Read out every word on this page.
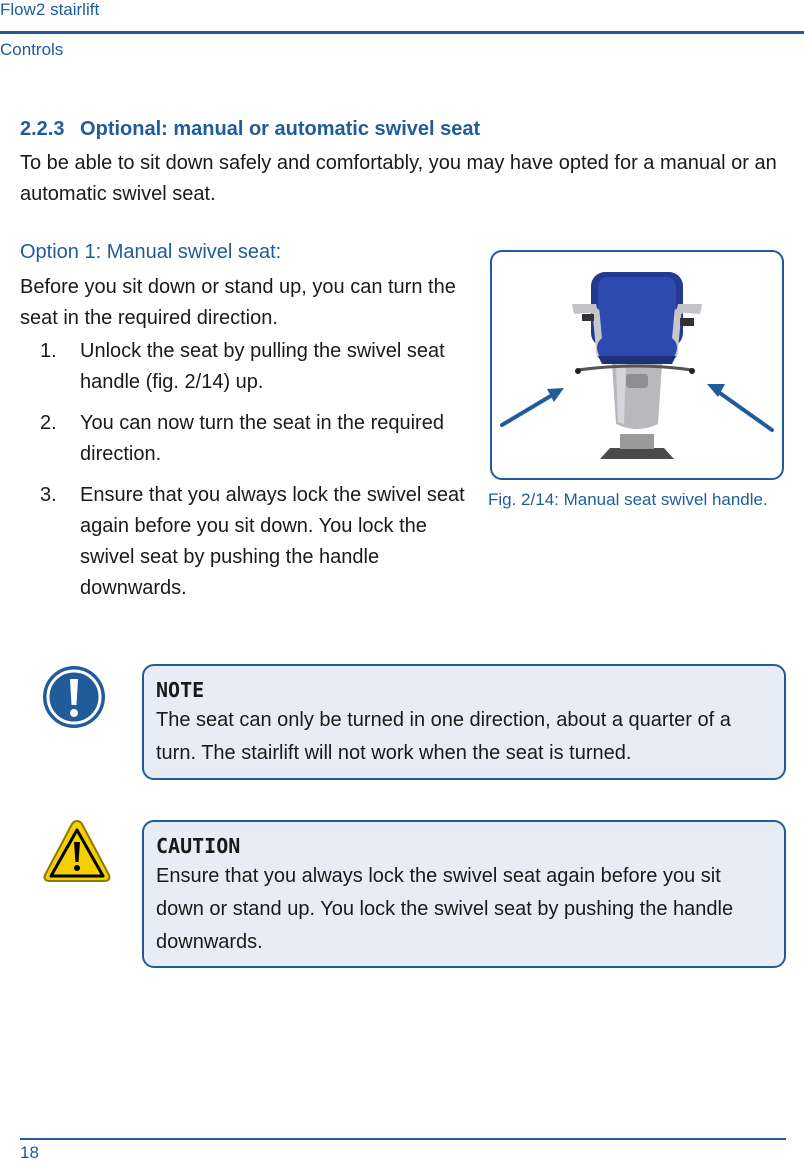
Flow2 stairlift
Controls
2.2.3 Optional: manual or automatic swivel seat

To be able to sit down safely and comfortably, you may have opted for a manual or an automatic swivel seat.

Option 1: Manual swivel seat:

Before you sit down or stand up, you can turn the seat in the required direction.

1. Unlock the seat by pulling the swivel seat handle (fig. 2/14) up.
2. You can now turn the seat in the required direction.
3. Ensure that you always lock the swivel seat again before you sit down. You lock the swivel seat by pushing the handle downwards.

Fig. 2/14: Manual seat swivel handle.

NOTE

The seat can only be turned in one direction, about a quarter of a turn. The stairlift will not work when the seat is turned.

CAUTION

Ensure that you always lock the swivel seat again before you sit down or stand up. You lock the swivel seat by pushing the handle downwards.

18
